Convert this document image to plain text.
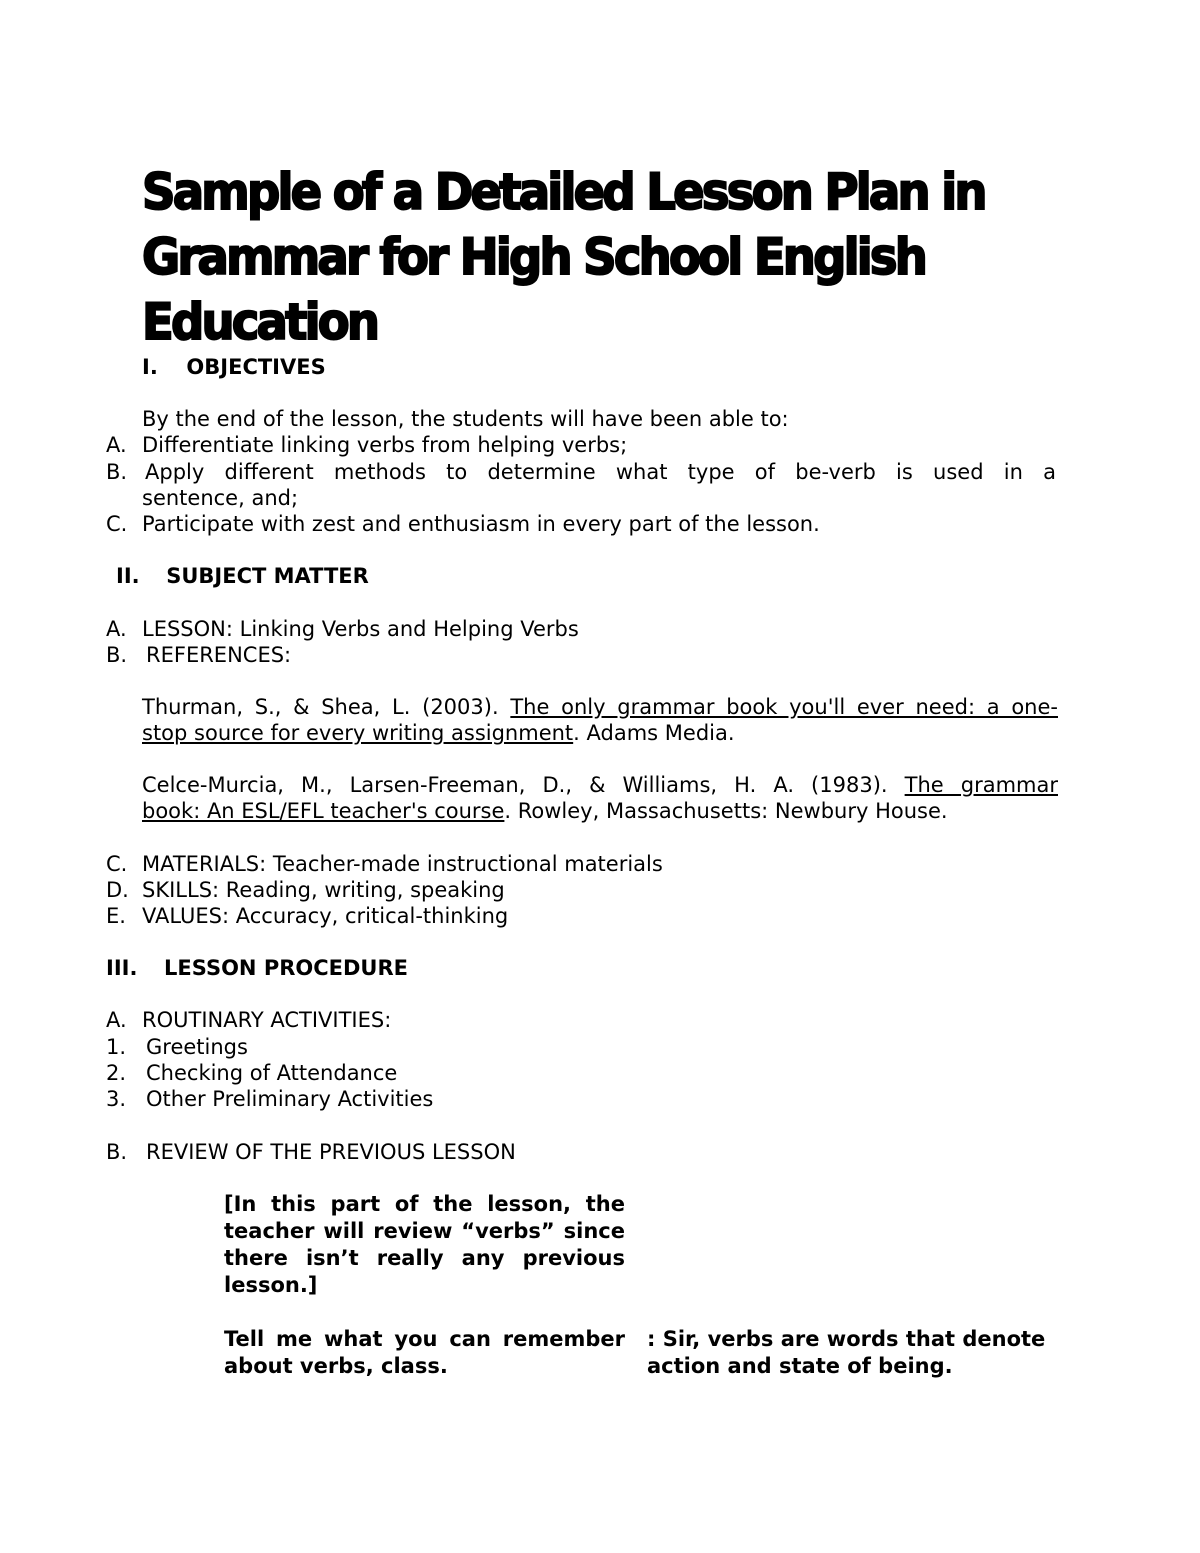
Sample of a Detailed Lesson Plan in
Grammar for High School English
Education
I. OBJECTIVES
By the end of the lesson, the students will have been able to:
A. Differentiate linking verbs from helping verbs;
B. Apply different methods to determine what type of be-verb is used in a
sentence, and;
C. Participate with zest and enthusiasm in every part of the lesson.
II. SUBJECT MATTER
A. LESSON: Linking Verbs and Helping Verbs
B. REFERENCES:
Thurman, S., & Shea, L. (2003). The only grammar book you'll ever need: a one-
stop source for every writing assignment. Adams Media.
Celce-Murcia, M., Larsen-Freeman, D., & Williams, H. A. (1983). The grammar
book: An ESL/EFL teacher's course. Rowley, Massachusetts: Newbury House.
C. MATERIALS: Teacher-made instructional materials
D. SKILLS: Reading, writing, speaking
E. VALUES: Accuracy, critical-thinking
III. LESSON PROCEDURE
A. ROUTINARY ACTIVITIES:
1. Greetings
2. Checking of Attendance
3. Other Preliminary Activities
B. REVIEW OF THE PREVIOUS LESSON
[In this part of the lesson, the teacher will review “verbs” since there isn’t really any previous lesson.]
Tell me what you can remember about verbs, class.
: Sir, verbs are words that denote action and state of being.
